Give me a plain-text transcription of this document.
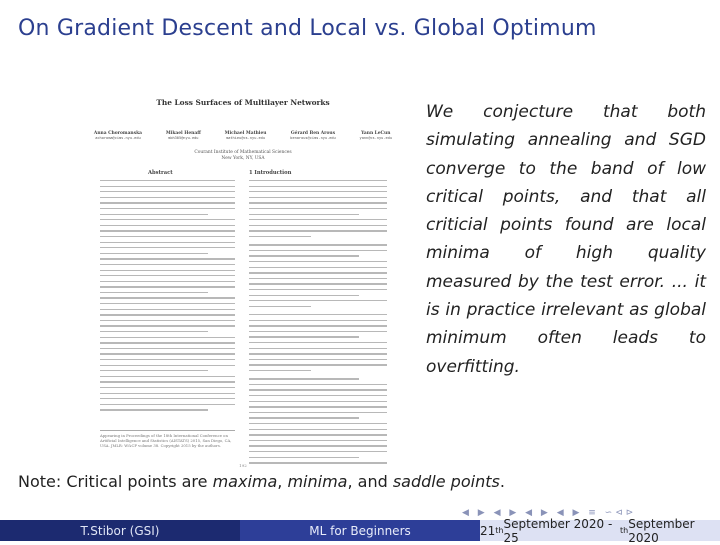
On Gradient Descent and Local vs. Global Optimum
The Loss Surfaces of Multilayer Networks
Anna Choromanska
achoroma@cims.nyu.edu
Mikael Henaff
mbh305@nyu.edu
Michael Mathieu
mathieu@cs.nyu.edu
Gérard Ben Arous
benarous@cims.nyu.edu
Yann LeCun
yann@cs.nyu.edu
Courant Institute of Mathematical Sciences
New York, NY, USA
Abstract	1 Introduction
Appearing in Proceedings of the 18th International Conference on Artificial Intelligence and Statistics (AISTATS) 2015, San Diego, CA, USA. JMLR: W&CP volume 38. Copyright 2015 by the authors.
192
We conjecture that both simulating annealing and SGD converge to the band of low critical points, and that all criticial points found are local minima of high quality measured by the test error. ... it is in practice irrelevant as global minimum often leads to overfitting.
Note: Critical points are maxima, minima, and saddle points.
◀ ▶ ◀ ▶ ◀ ▶ ◀ ▶ ≡ ∽⊲⊳
T.Stibor (GSI)	ML for Beginners	21 th September 2020 - 25	th September 2020
